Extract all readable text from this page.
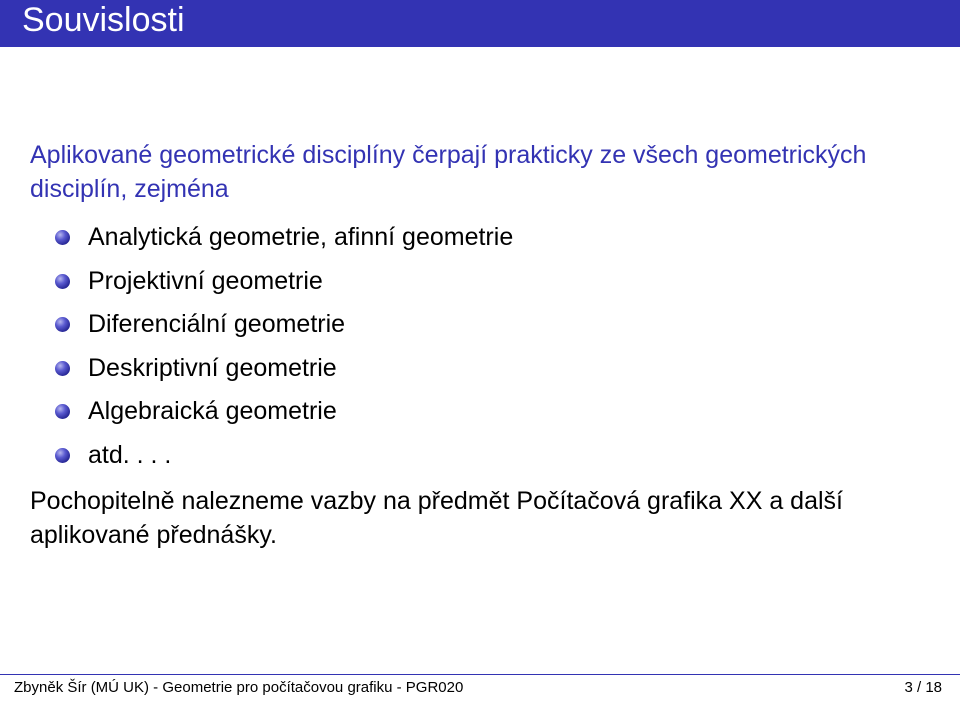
Souvislosti

Aplikované geometrické disciplíny čerpají prakticky ze všech geometrických disciplín, zejména

Analytická geometrie, afinní geometrie
Projektivní geometrie
Diferenciální geometrie
Deskriptivní geometrie
Algebraická geometrie
atd. . . .

Pochopitelně nalezneme vazby na předmět Počítačová grafika XX a další aplikované přednášky.

Zbyněk Šír (MÚ UK) - Geometrie pro počítačovou grafiku - PGR020	3 / 18
